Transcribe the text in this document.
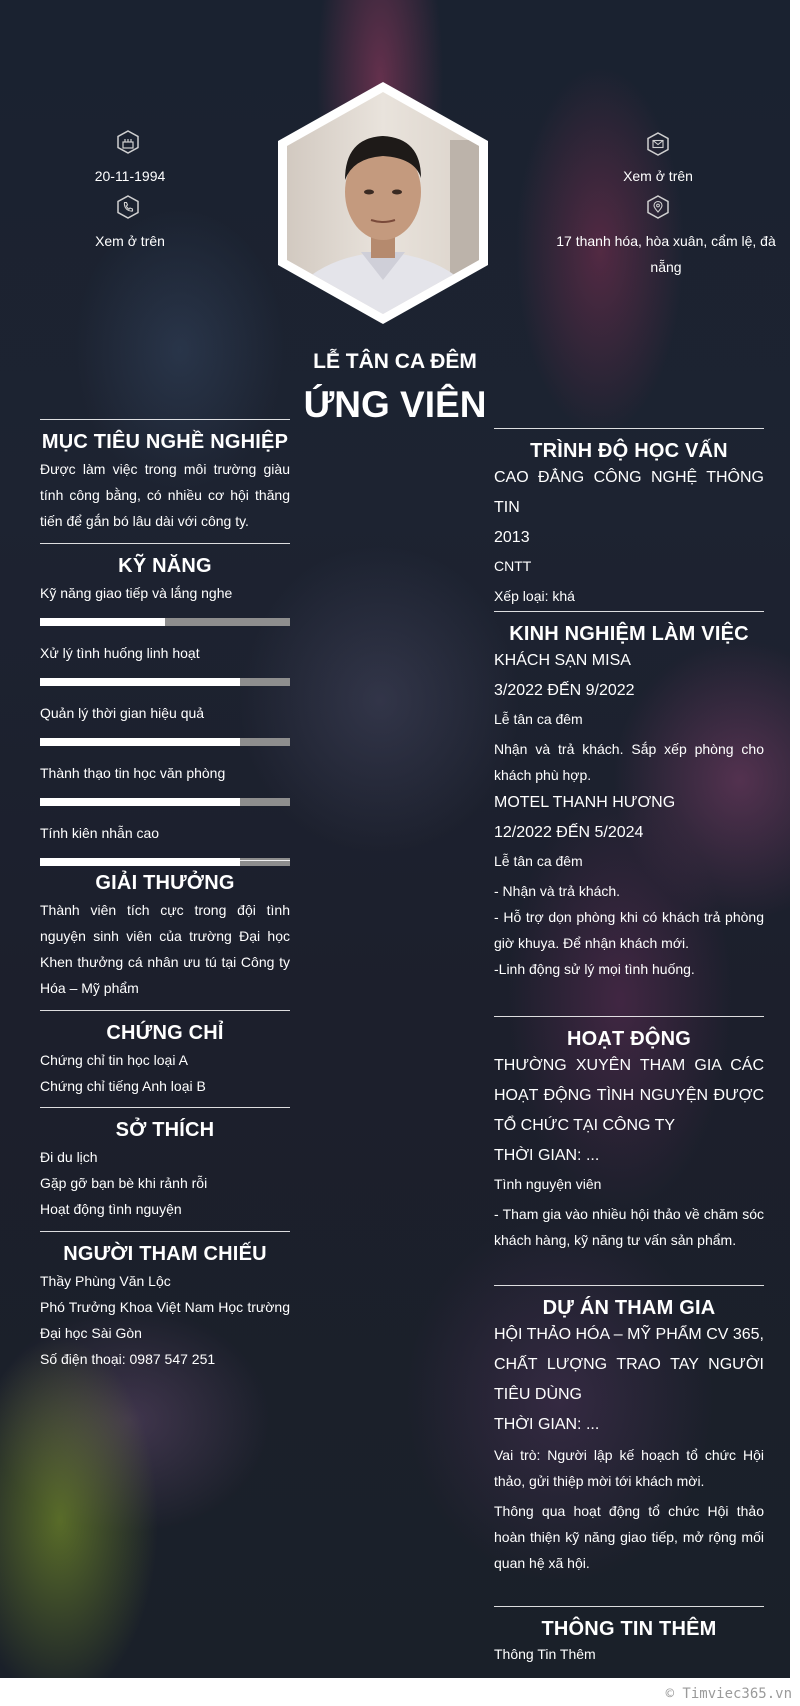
20-11-1994
Xem ở trên
Xem ở trên
17 thanh hóa, hòa xuân, cẩm lệ, đà nẵng
LỄ TÂN CA ĐÊM
ỨNG VIÊN
MỤC TIÊU NGHỀ NGHIỆP

Được làm việc trong môi trường giàu tính công bằng, có nhiều cơ hội thăng tiến để gắn bó lâu dài với công ty.

KỸ NĂNG
Kỹ năng giao tiếp và lắng nghe
Xử lý tình huống linh hoạt
Quản lý thời gian hiệu quả
Thành thạo tin học văn phòng
Tính kiên nhẫn cao
GIẢI THƯỞNG

Thành viên tích cực trong đội tình nguyện sinh viên của trường Đại học Khen thưởng cá nhân ưu tú tại Công ty Hóa – Mỹ phẩm

CHỨNG CHỈ

Chứng chỉ tin học loại A

Chứng chỉ tiếng Anh loại B

SỞ THÍCH

Đi du lịch

Gặp gỡ bạn bè khi rảnh rỗi

Hoạt động tình nguyện

NGƯỜI THAM CHIẾU

Thầy Phùng Văn Lộc

Phó Trưởng Khoa Việt Nam Học trường Đại học Sài Gòn

Số điện thoại: 0987 547 251

TRÌNH ĐỘ HỌC VẤN

CAO ĐẲNG CÔNG NGHỆ THÔNG TIN

2013

CNTT

Xếp loại: khá

KINH NGHIỆM LÀM VIỆC

KHÁCH SẠN MISA

3/2022 ĐẾN 9/2022

Lễ tân ca đêm

Nhận và trả khách. Sắp xếp phòng cho khách phù hợp.

MOTEL THANH HƯƠNG

12/2022 ĐẾN 5/2024

Lễ tân ca đêm

- Nhận và trả khách.

- Hỗ trợ dọn phòng khi có khách trả phòng giờ khuya. Để nhận khách mới.

-Linh động sử lý mọi tình huống.

HOẠT ĐỘNG

THƯỜNG XUYÊN THAM GIA CÁC HOẠT ĐỘNG TÌNH NGUYỆN ĐƯỢC TỔ CHỨC TẠI CÔNG TY

THỜI GIAN: ...

Tình nguyện viên

- Tham gia vào nhiều hội thảo về chăm sóc khách hàng, kỹ năng tư vấn sản phẩm.

DỰ ÁN THAM GIA

HỘI THẢO HÓA – MỸ PHẨM CV 365, CHẤT LƯỢNG TRAO TAY NGƯỜI TIÊU DÙNG

THỜI GIAN: ...

Vai trò: Người lập kế hoạch tổ chức Hội thảo, gửi thiệp mời tới khách mời.

Thông qua hoạt động tổ chức Hội thảo hoàn thiện kỹ năng giao tiếp, mở rộng mối quan hệ xã hội.

THÔNG TIN THÊM

Thông Tin Thêm

© Timviec365.vn
